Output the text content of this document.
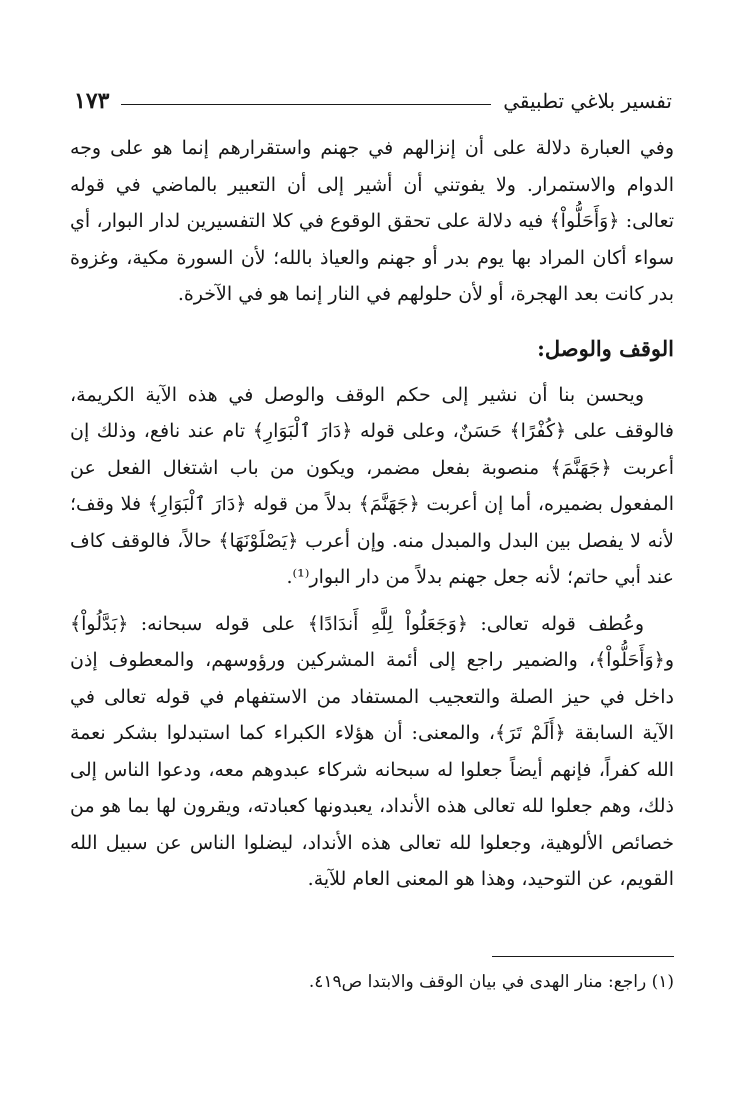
تفسير بلاغي تطبيقي
١٧٣

وفي العبارة دلالة على أن إنزالهم في جهنم واستقرارهم إنما هو على وجه الدوام والاستمرار. ولا يفوتني أن أشير إلى أن التعبير بالماضي في قوله تعالى: ﴿وَأَحَلُّواْ﴾ فيه دلالة على تحقق الوقوع في كلا التفسيرين لدار البوار، أي سواء أكان المراد بها يوم بدر أو جهنم والعياذ بالله؛ لأن السورة مكية، وغزوة بدر كانت بعد الهجرة، أو لأن حلولهم في النار إنما هو في الآخرة.

الوقف والوصل:

ويحسن بنا أن نشير إلى حكم الوقف والوصل في هذه الآية الكريمة، فالوقف على ﴿كُفْرًا﴾ حَسَنٌ، وعلى قوله ﴿دَارَ ٱلْبَوَارِ﴾ تام عند نافع، وذلك إن أعربت ﴿جَهَنَّمَ﴾ منصوبة بفعل مضمر، ويكون من باب اشتغال الفعل عن المفعول بضميره، أما إن أعربت ﴿جَهَنَّمَ﴾ بدلاً من قوله ﴿دَارَ ٱلْبَوَارِ﴾ فلا وقف؛ لأنه لا يفصل بين البدل والمبدل منه. وإن أعرب ﴿يَصْلَوْنَهَا﴾ حالاً، فالوقف كاف عند أبي حاتم؛ لأنه جعل جهنم بدلاً من دار البوار⁽¹⁾.

وعُطف قوله تعالى: ﴿وَجَعَلُواْ لِلَّهِ أَندَادًا﴾ على قوله سبحانه: ﴿بَدَّلُواْ﴾ و﴿وَأَحَلُّواْ﴾، والضمير راجع إلى أئمة المشركين ورؤوسهم، والمعطوف إذن داخل في حيز الصلة والتعجيب المستفاد من الاستفهام في قوله تعالى في الآية السابقة ﴿أَلَمْ تَرَ﴾، والمعنى: أن هؤلاء الكبراء كما استبدلوا بشكر نعمة الله كفراً، فإنهم أيضاً جعلوا له سبحانه شركاء عبدوهم معه، ودعوا الناس إلى ذلك، وهم جعلوا لله تعالى هذه الأنداد، يعبدونها كعبادته، ويقرون لها بما هو من خصائص الألوهية، وجعلوا لله تعالى هذه الأنداد، ليضلوا الناس عن سبيل الله القويم، عن التوحيد، وهذا هو المعنى العام للآية.

(١) راجع: منار الهدى في بيان الوقف والابتدا ص٤١٩.
